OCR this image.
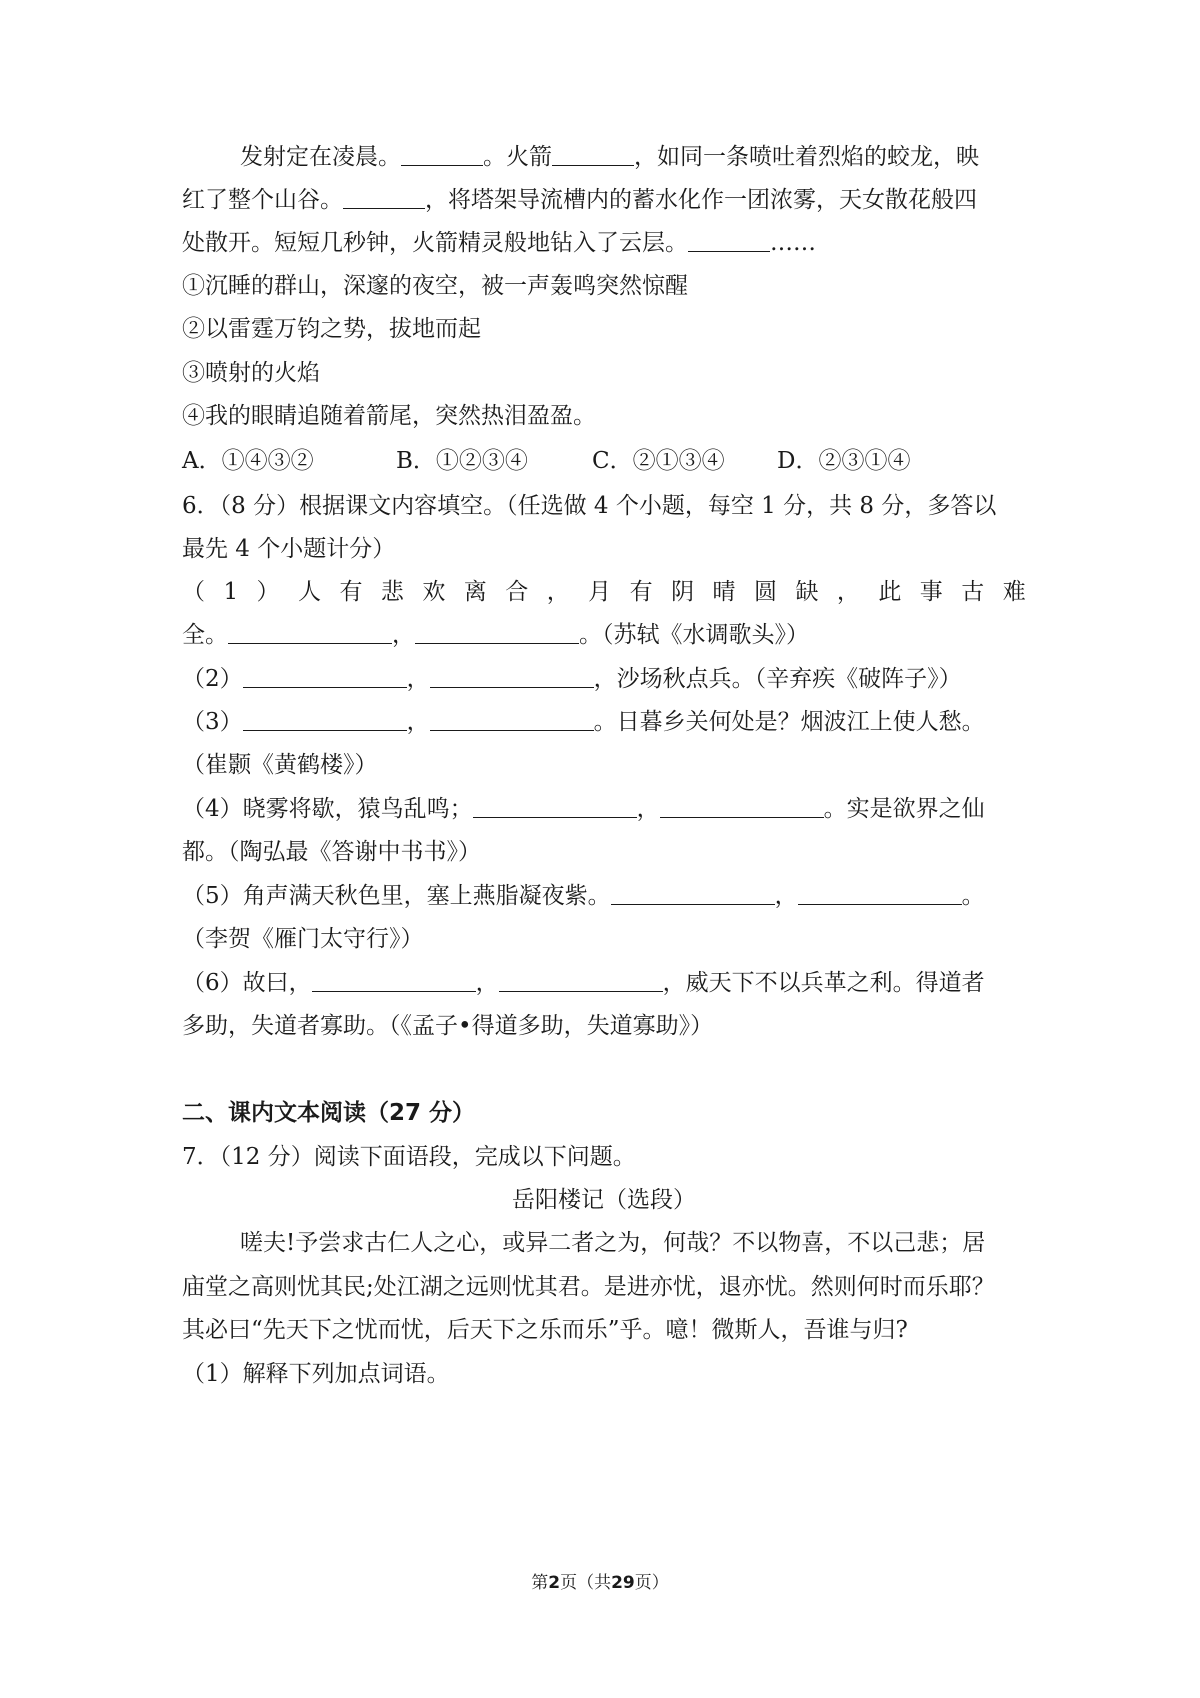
发射定在凌晨。	。火箭	，如同一条喷吐着烈焰的蛟龙，映

红了整个山谷。	，将塔架导流槽内的蓄水化作一团浓雾，天女散花般四

处散开。短短几秒钟，火箭精灵般地钻入了云层。	……

①沉睡的群山，深邃的夜空，被一声轰鸣突然惊醒

②以雷霆万钧之势，拔地而起

③喷射的火焰

④我的眼睛追随着箭尾，突然热泪盈盈。

A．①④③②	B．①②③④	C．②①③④ D．②③①④

6．（8 分）根据课文内容填空。（任选做 4 个小题，每空 1 分，共 8 分，多答以

最先 4 个小题计分）

（ 1 ） 人 有 悲 欢 离 合 ， 月 有 阴 晴 圆 缺 ， 此 事 古 难

全。	，	。（苏轼《水调歌头》）

（2）	，	，沙场秋点兵。（辛弃疾《破阵子》）

（3）	，	。日暮乡关何处是？烟波江上使人愁。

（崔颢《黄鹤楼》）

（4）晓雾将歇，猿鸟乱鸣；	，	。实是欲界之仙

都。（陶弘最《答谢中书书》）

（5）角声满天秋色里，塞上燕脂凝夜紫。	，	。

（李贺《雁门太守行》）

（6）故曰，	，	，威天下不以兵革之利。得道者

多助，失道者寡助。（《孟子•得道多助，失道寡助》）

二、课内文本阅读（27 分）

7．（12 分）阅读下面语段，完成以下问题。

岳阳楼记（选段）

嗟夫!予尝求古仁人之心，或异二者之为，何哉？不以物喜，不以己悲；居

庙堂之高则忧其民;处江湖之远则忧其君。是进亦忧，退亦忧。然则何时而乐耶？

其必曰“先天下之忧而忧，后天下之乐而乐”乎。噫！微斯人，吾谁与归?

（1）解释下列加点词语。

第2页（共29页）
